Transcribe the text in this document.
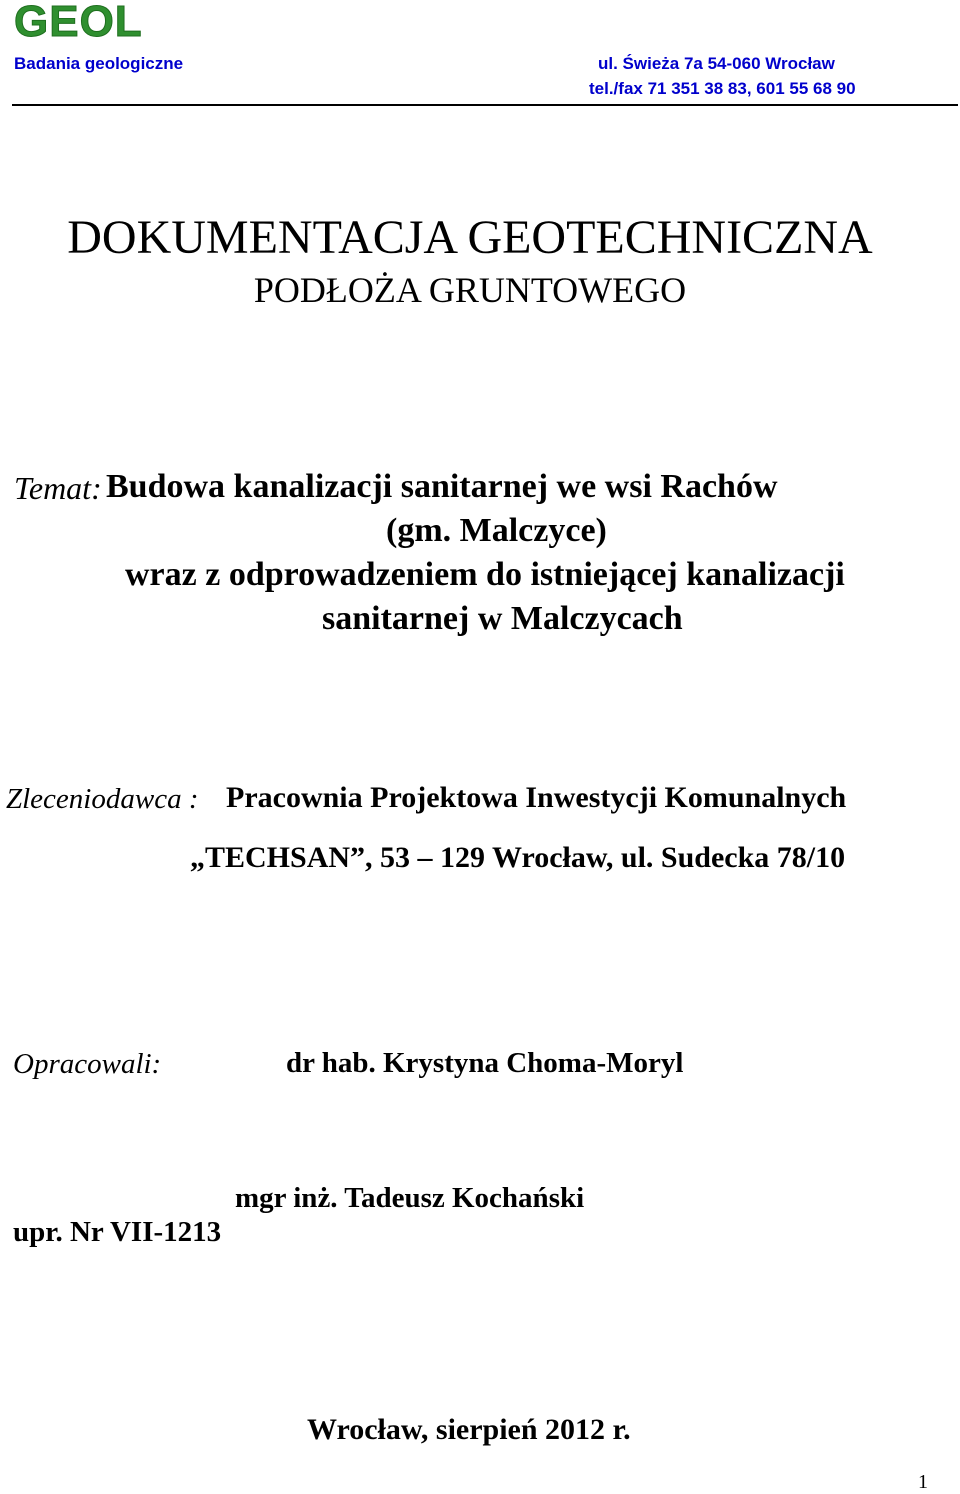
GEOL
Badania geologiczne	ul. Świeża 7a 54-060 Wrocław
tel./fax 71 351 38 83, 601 55 68 90
DOKUMENTACJA GEOTECHNICZNA
PODŁOŻA GRUNTOWEGO
Temat: Budowa kanalizacji sanitarnej we wsi Rachów
(gm. Malczyce)
wraz z odprowadzeniem do istniejącej kanalizacji
sanitarnej w Malczycach
Zleceniodawca : Pracownia Projektowa Inwestycji Komunalnych
„TECHSAN”, 53 – 129 Wrocław, ul. Sudecka 78/10
Opracowali:	dr hab. Krystyna Choma-Moryl
mgr inż. Tadeusz Kochański
upr. Nr VII-1213
Wrocław, sierpień 2012 r.
1
